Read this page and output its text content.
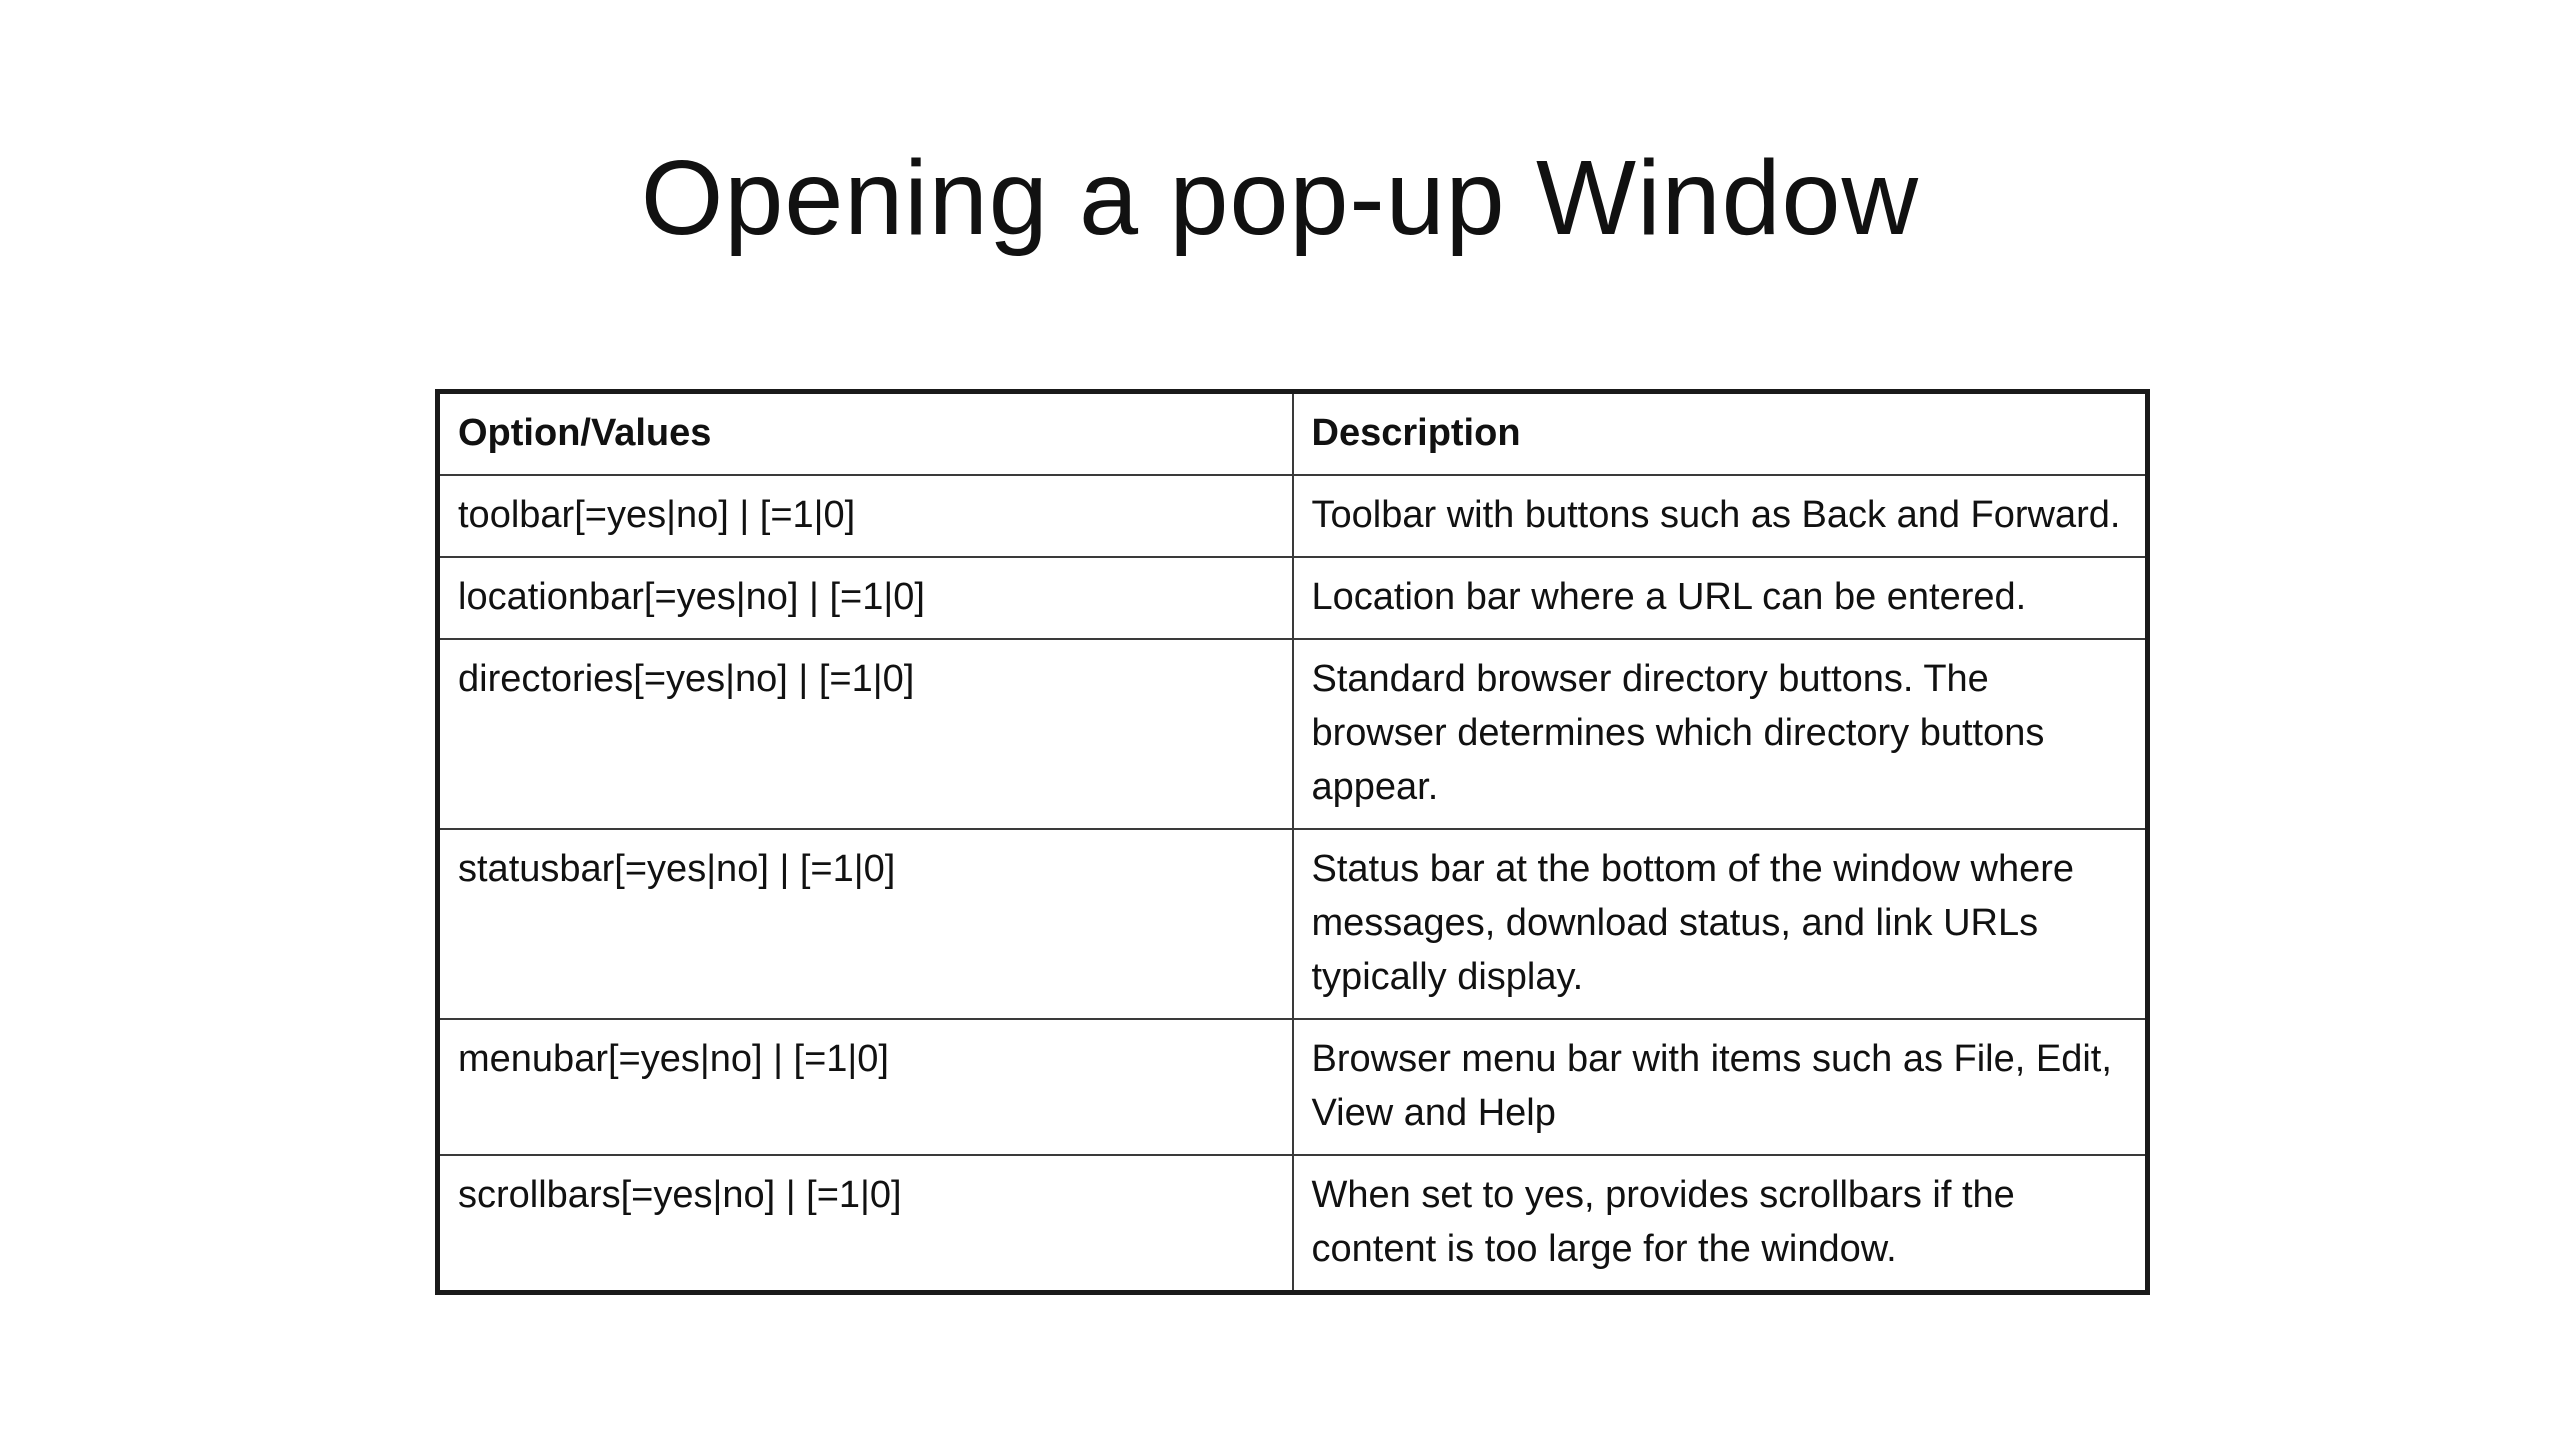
Opening a pop-up Window
Option/Values	Description
toolbar[=yes|no] | [=1|0]	Toolbar with buttons such as Back and Forward.
locationbar[=yes|no] | [=1|0]	Location bar where a URL can be entered.
directories[=yes|no] | [=1|0]	Standard browser directory buttons. The browser determines which directory buttons appear.
statusbar[=yes|no] | [=1|0]	Status bar at the bottom of the window where messages, download status, and link URLs typically display.
menubar[=yes|no] | [=1|0]	Browser menu bar with items such as File, Edit, View and Help
scrollbars[=yes|no] | [=1|0]	When set to yes, provides scrollbars if the content is too large for the window.
